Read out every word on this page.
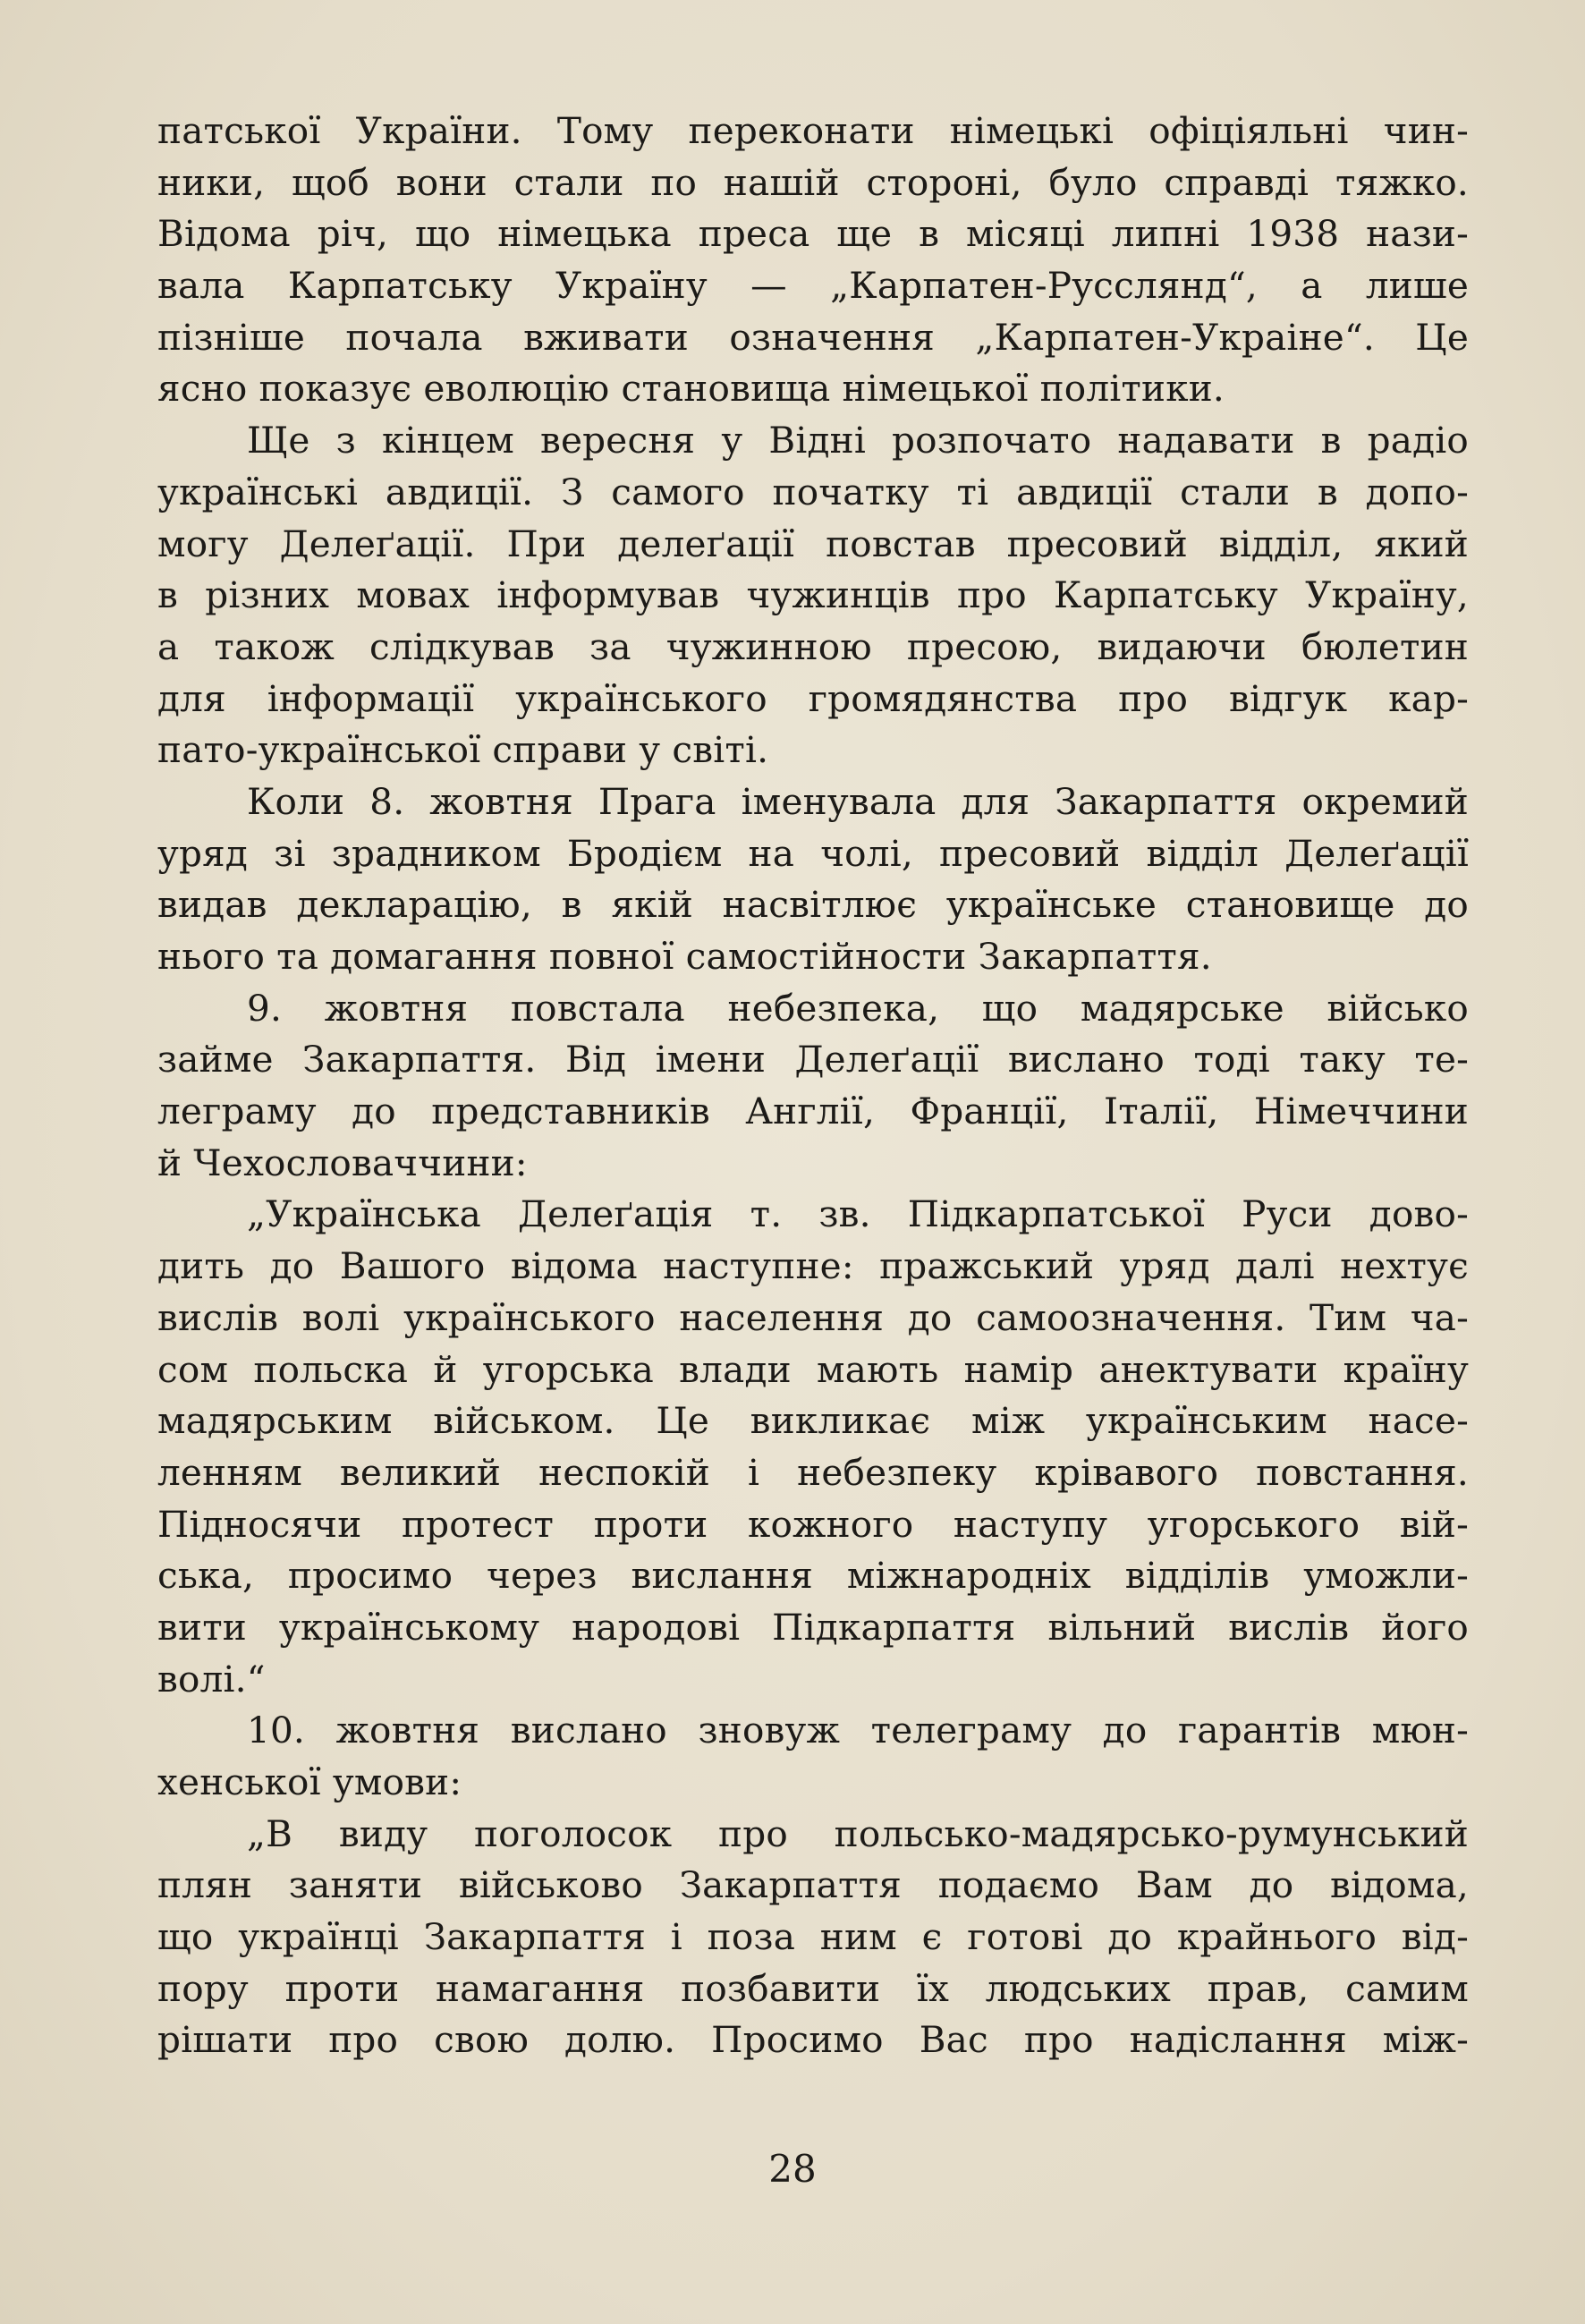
патської України. Тому переконати німецькі офіціяльні чин-
ники, щоб вони стали по нашій стороні, було справді тяжко.
Відома річ, що німецька преса ще в місяці липні 1938 нази-
вала Карпатську Україну — „Карпатен-Русслянд“, а лише
пізніше почала вживати означення „Карпатен-Украіне“. Це
ясно показує еволюцію становища німецької політики.
Ще з кінцем вересня у Відні розпочато надавати в радіо
українські авдиції. З самого початку ті авдиції стали в допо-
могу Делеґації. При делеґації повстав пресовий відділ, який
в різних мовах інформував чужинців про Карпатську Україну,
а також слідкував за чужинною пресою, видаючи бюлетин
для інформації українського громядянства про відгук кар-
пато-української справи у світі.
Коли 8. жовтня Прага іменувала для Закарпаття окремий
уряд зі зрадником Бродієм на чолі, пресовий відділ Делеґації
видав декларацію, в якій насвітлює українське становище до
нього та домагання повної самостійности Закарпаття.
9. жовтня повстала небезпека, що мадярське військо
займе Закарпаття. Від імени Делеґації вислано тоді таку те-
леграму до представників Англії, Франції, Італії, Німеччини
й Чехословаччини:
„Українська Делеґація т. зв. Підкарпатської Руси дово-
дить до Вашого відома наступне: пражський уряд далі нехтує
вислів волі українського населення до самоозначення. Тим ча-
сом польска й угорська влади мають намір анектувати країну
мадярським військом. Це викликає між українським насе-
ленням великий неспокій і небезпеку крівавого повстання.
Підносячи протест проти кожного наступу угорського вій-
ська, просимо через вислання міжнародніх відділів уможли-
вити українському народові Підкарпаття вільний вислів його
волі.“
10. жовтня вислано зновуж телеграму до гарантів мюн-
хенської умови:
„В виду поголосок про польсько-мадярсько-румунський
плян заняти військово Закарпаття подаємо Вам до відома,
що українці Закарпаття і поза ним є готові до крайнього від-
пору проти намагання позбавити їх людських прав, самим
рішати про свою долю. Просимо Вас про надіслання між-
28
